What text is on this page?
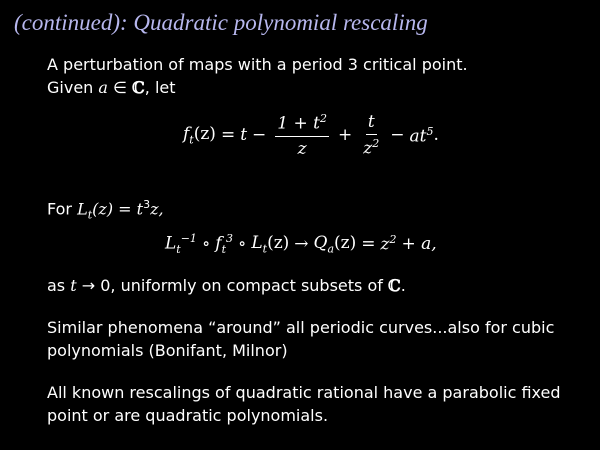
(continued): Quadratic polynomial rescaling
A perturbation of maps with a period 3 critical point.
Given a ∈ ℂ, let
$f_t(z) = t - \frac{1 + t^2}{z} + \frac{t}{z^2} - at^5$ .
For $L_t(z) = t^3z$,
$L_t^{-1}$ ∘ $f_t^3$ ∘ $L_t(z) \to Q_a(z) = z^2 + a$,
as t → 0, uniformly on compact subsets of ℂ.
Similar phenomena “around” all periodic curves...also for cubic
polynomials (Bonifant, Milnor)
All known rescalings of quadratic rational have a parabolic fixed
point or are quadratic polynomials.
